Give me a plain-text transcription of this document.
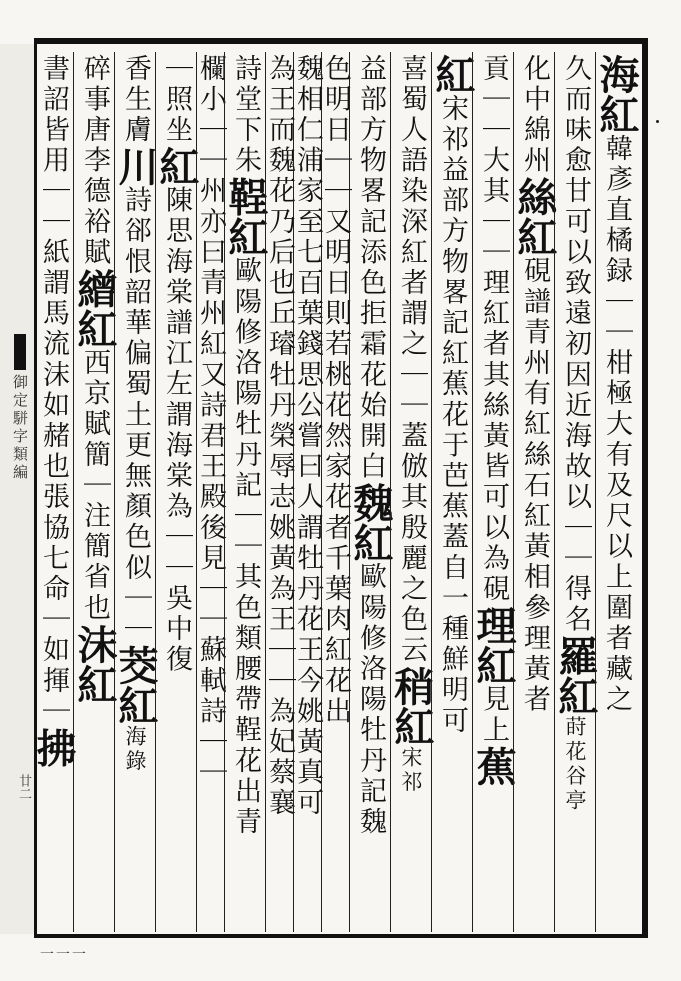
御定駢字類編
廿二
海紅韓彥直橘録｜｜柑極大有及尺以上圍者藏之
久而味愈甘可以致遠初因近海故以｜｜得名羅紅莳花谷亭
化中綿州絲紅硯譜青州有紅絲石紅黃相參理黃者
貢｜｜大其｜｜理紅者其絲黃皆可以為硯理紅見上蕉
紅宋祁益部方物畧記紅蕉花于芭蕉蓋自一種鮮明可
喜蜀人語染深紅者謂之｜｜蓋倣其殷麗之色云稍紅宋祁
益部方物畧記添色拒霜花始開白魏紅歐陽修洛陽牡丹記魏
色明日｜｜又明日則若桃花然家花者千葉肉紅花出
魏相仁浦家至七百葉錢思公嘗曰人謂牡丹花王今姚黃真可
為王而魏花乃后也丘璿牡丹榮辱志姚黃為王｜｜為妃蔡襄
詩堂下朱鞓紅歐陽修洛陽牡丹記｜｜其色類腰帶鞓花出青
欄小｜｜州亦曰青州紅又詩君王殿後見｜｜蘇軾詩｜｜
｜照坐紅陳思海棠譜江左謂海棠為｜｜吳中復
香生膚川詩郤恨韶華偏蜀土更無顏色似｜｜茭紅海錄
碎事唐李德裕賦繒紅西京賦簡｜注簡省也沫紅
書詔皆用｜｜紙謂馬流沫如赭也張協七命｜如揮｜拂
一一一
